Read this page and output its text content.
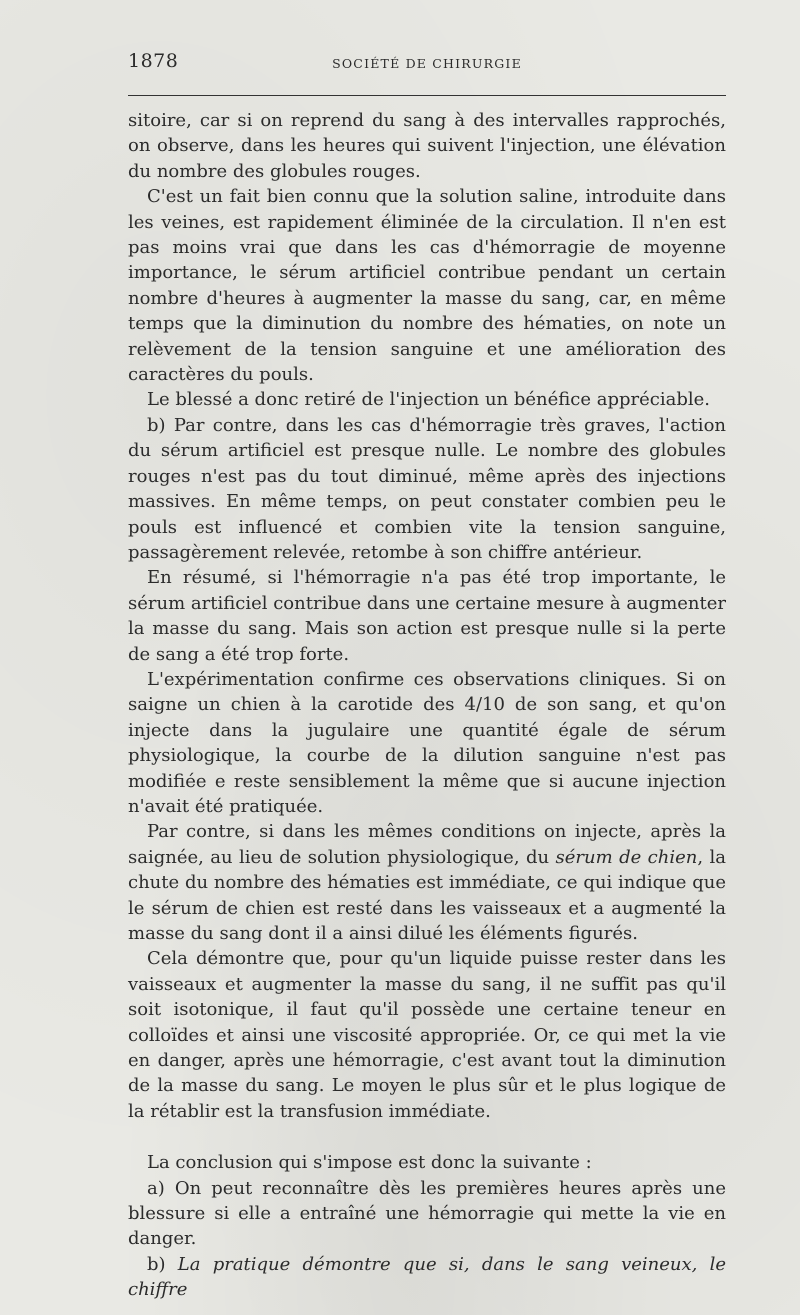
1878	SOCIÉTÉ DE CHIRURGIE

sitoire, car si on reprend du sang à des intervalles rapprochés, on observe, dans les heures qui suivent l'injection, une élévation du nombre des globules rouges.

C'est un fait bien connu que la solution saline, introduite dans les veines, est rapidement éliminée de la circulation. Il n'en est pas moins vrai que dans les cas d'hémorragie de moyenne importance, le sérum artificiel contribue pendant un certain nombre d'heures à augmenter la masse du sang, car, en même temps que la diminution du nombre des hématies, on note un relèvement de la tension sanguine et une amélioration des caractères du pouls.

Le blessé a donc retiré de l'injection un bénéfice appréciable.

b) Par contre, dans les cas d'hémorragie très graves, l'action du sérum artificiel est presque nulle. Le nombre des globules rouges n'est pas du tout diminué, même après des injections massives. En même temps, on peut constater combien peu le pouls est influencé et combien vite la tension sanguine, passagèrement relevée, retombe à son chiffre antérieur.

En résumé, si l'hémorragie n'a pas été trop importante, le sérum artificiel contribue dans une certaine mesure à augmenter la masse du sang. Mais son action est presque nulle si la perte de sang a été trop forte.

L'expérimentation confirme ces observations cliniques. Si on saigne un chien à la carotide des 4/10 de son sang, et qu'on injecte dans la jugulaire une quantité égale de sérum physiologique, la courbe de la dilution sanguine n'est pas modifiée e reste sensiblement la même que si aucune injection n'avait été pratiquée.

Par contre, si dans les mêmes conditions on injecte, après la saignée, au lieu de solution physiologique, du sérum de chien, la chute du nombre des hématies est immédiate, ce qui indique que le sérum de chien est resté dans les vaisseaux et a augmenté la masse du sang dont il a ainsi dilué les éléments figurés.

Cela démontre que, pour qu'un liquide puisse rester dans les vaisseaux et augmenter la masse du sang, il ne suffit pas qu'il soit isotonique, il faut qu'il possède une certaine teneur en colloïdes et ainsi une viscosité appropriée. Or, ce qui met la vie en danger, après une hémorragie, c'est avant tout la diminution de la masse du sang. Le moyen le plus sûr et le plus logique de la rétablir est la transfusion immédiate.

La conclusion qui s'impose est donc la suivante :

a) On peut reconnaître dès les premières heures après une blessure si elle a entraîné une hémorragie qui mette la vie en danger.

b) La pratique démontre que si, dans le sang veineux, le chiffre
